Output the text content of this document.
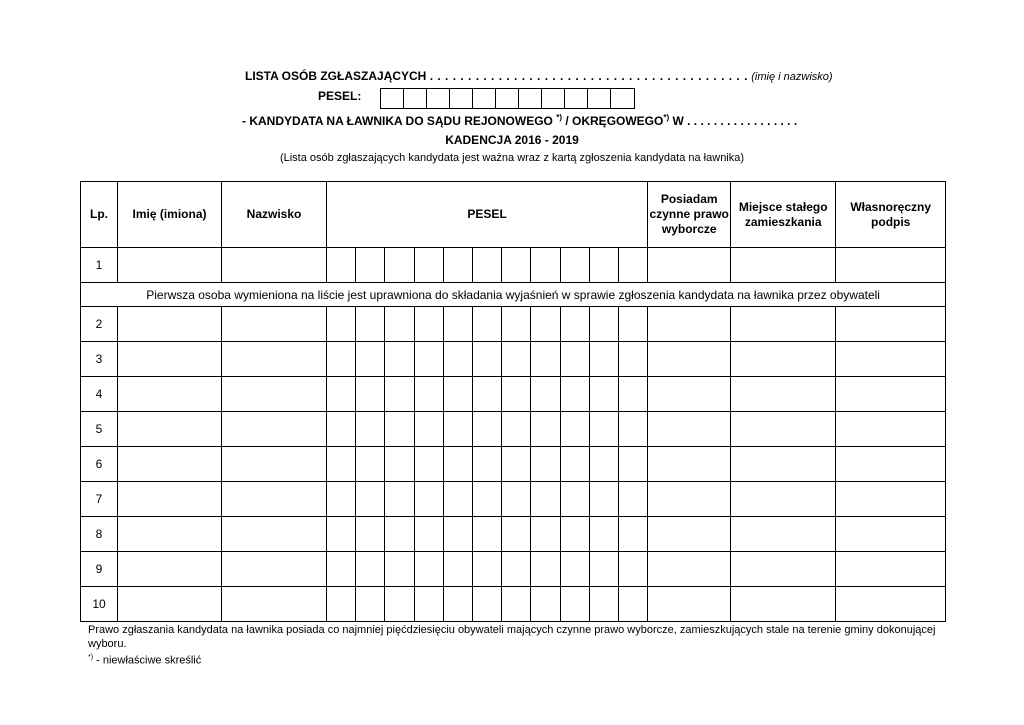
LISTA OSÓB ZGŁASZAJĄCYCH . . . . . . . . . . . . . . . . . . . . . . . . . . . . . . . . . . . . . . . . . . (imię i nazwisko)
PESEL:
- KANDYDATA NA ŁAWNIKA DO SĄDU REJONOWEGO *) / OKRĘGOWEGO*) W . . . . . . . . . . . . . . . . .
KADENCJA 2016 - 2019
(Lista osób zgłaszających kandydata jest ważna wraz z kartą zgłoszenia kandydata na ławnika)
Lp.	Imię (imiona)	Nazwisko	PESEL											Posiadam czynne prawo wyborcze	Miejsce stałego zamieszkania	Własnoręczny podpis
1																
Pierwsza osoba wymieniona na liście jest uprawniona do składania wyjaśnień w sprawie zgłoszenia kandydata na ławnika przez obywateli																
2																
3																
4																
5																
6																
7																
8																
9																
10																
Prawo zgłaszania kandydata na ławnika posiada co najmniej pięćdziesięciu obywateli mających czynne prawo wyborcze, zamieszkujących stale na terenie gminy dokonującej wyboru.
*) - niewłaściwe skreślić
